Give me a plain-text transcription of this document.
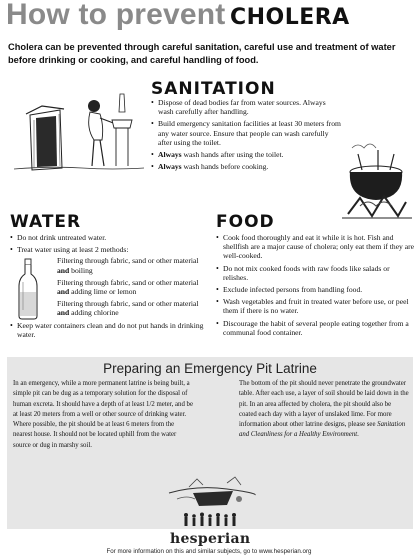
How to prevent CHOLERA
Cholera can be prevented through careful sanitation, careful use and treatment of water before drinking or cooking, and careful handling of food.
SANITATION
• Dispose of dead bodies far from water sources. Always wash carefully after handling.
• Build emergency sanitation facilities at least 30 meters from any water source. Ensure that people can wash carefully after using the toilet.
• Always wash hands after using the toilet.
• Always wash hands before cooking.
WATER
• Do not drink untreated water.
• Treat water using at least 2 methods:
Filtering through fabric, sand or other material and boiling
Filtering through fabric, sand or other material and adding lime or lemon
Filtering through fabric, sand or other material and adding chlorine
• Keep water containers clean and do not put hands in drinking water.
FOOD
• Cook food thoroughly and eat it while it is hot. Fish and shellfish are a major cause of cholera; only eat them if they are well-cooked.
• Do not mix cooked foods with raw foods like salads or relishes.
• Exclude infected persons from handling food.
• Wash vegetables and fruit in treated water before use, or peel them if there is no water.
• Discourage the habit of several people eating together from a communal food container.
Preparing an Emergency Pit Latrine
In an emergency, while a more permanent latrine is being built, a simple pit can be dug as a temporary solution for the disposal of human excreta. It should have a depth of at least 1/2 meter, and be at least 20 meters from a well or other source of drinking water. Where possible, the pit should be at least 6 meters from the nearest house. It should not be located uphill from the water source or dug in marshy soil.
The bottom of the pit should never penetrate the groundwater table. After each use, a layer of soil should be laid down in the pit. In an area affected by cholera, the pit should also be coated each day with a layer of unslaked lime. For more information about other latrine designs, please see Sanitation and Cleanliness for a Healthy Environment.
hesperian
For more information on this and similar subjects, go to www.hesperian.org
